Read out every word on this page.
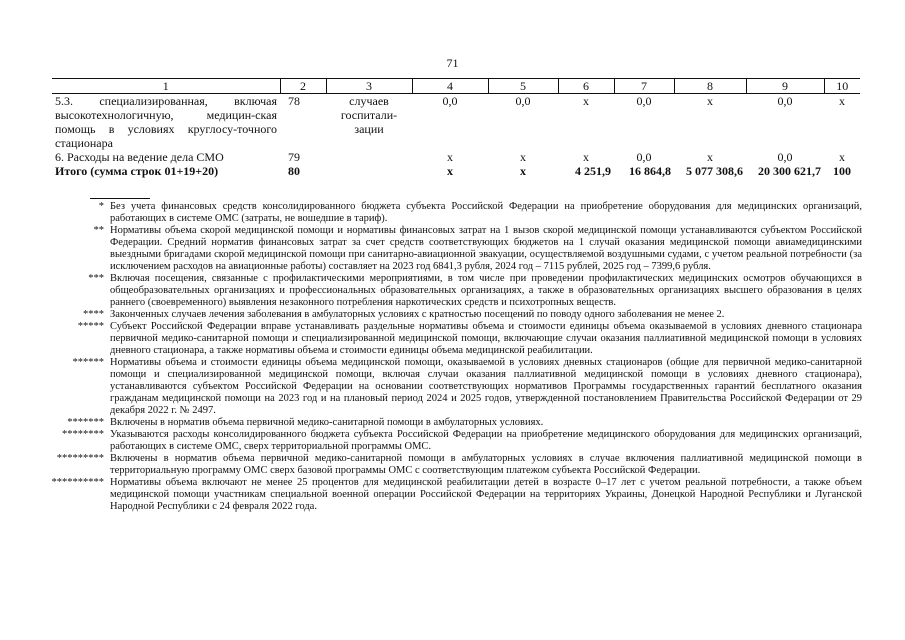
71
1	2	3	4	5	6	7	8	9	10
5.3. специализированная, включая высокотехнологичную, медицин-ская помощь в условиях круглосу-точного стационара	78	случаев госпитали-зации	0,0	0,0	х	0,0	х	0,0	х
6. Расходы на ведение дела СМО	79		х	х	х	0,0	х	0,0	х
Итого (сумма строк 01+19+20)	80		х	х	4 251,9	16 864,8	5 077 308,6	20 300 621,7	100
* Без учета финансовых средств консолидированного бюджета субъекта Российской Федерации на приобретение оборудования для медицинских организаций, работающих в системе ОМС (затраты, не вошедшие в тариф).
** Нормативы объема скорой медицинской помощи и нормативы финансовых затрат на 1 вызов скорой медицинской помощи устанавливаются субъектом Российской Федерации. Средний норматив финансовых затрат за счет средств соответствующих бюджетов на 1 случай оказания медицинской помощи авиамедицинскими выездными бригадами скорой медицинской помощи при санитарно-авиационной эвакуации, осуществляемой воздушными судами, с учетом реальной потребности (за исключением расходов на авиационные работы) составляет на 2023 год 6841,3 рубля, 2024 год – 7115 рублей, 2025 год – 7399,6 рубля.
*** Включая посещения, связанные с профилактическими мероприятиями, в том числе при проведении профилактических медицинских осмотров обучающихся в общеобразовательных организациях и профессиональных образовательных организациях, а также в образовательных организациях высшего образования в целях раннего (своевременного) выявления незаконного потребления наркотических средств и психотропных веществ.
**** Законченных случаев лечения заболевания в амбулаторных условиях с кратностью посещений по поводу одного заболевания не менее 2.
***** Субъект Российской Федерации вправе устанавливать раздельные нормативы объема и стоимости единицы объема оказываемой в условиях дневного стационара первичной медико-санитарной помощи и специализированной медицинской помощи, включающие случаи оказания паллиативной медицинской помощи в условиях дневного стационара, а также нормативы объема и стоимости единицы объема медицинской реабилитации.
****** Нормативы объема и стоимости единицы объема медицинской помощи, оказываемой в условиях дневных стационаров (общие для первичной медико-санитарной помощи и специализированной медицинской помощи, включая случаи оказания паллиативной медицинской помощи в условиях дневного стационара), устанавливаются субъектом Российской Федерации на основании соответствующих нормативов Программы государственных гарантий бесплатного оказания гражданам медицинской помощи на 2023 год и на плановый период 2024 и 2025 годов, утвержденной постановлением Правительства Российской Федерации от 29 декабря 2022 г. № 2497.
******* Включены в норматив объема первичной медико-санитарной помощи в амбулаторных условиях.
******** Указываются расходы консолидированного бюджета субъекта Российской Федерации на приобретение медицинского оборудования для медицинских организаций, работающих в системе ОМС, сверх территориальной программы ОМС.
********* Включены в норматив объема первичной медико-санитарной помощи в амбулаторных условиях в случае включения паллиативной медицинской помощи в территориальную программу ОМС сверх базовой программы ОМС с соответствующим платежом субъекта Российской Федерации.
********** Нормативы объема включают не менее 25 процентов для медицинской реабилитации детей в возрасте 0–17 лет с учетом реальной потребности, а также объем медицинской помощи участникам специальной военной операции Российской Федерации на территориях Украины, Донецкой Народной Республики и Луганской Народной Республики с 24 февраля 2022 года.
